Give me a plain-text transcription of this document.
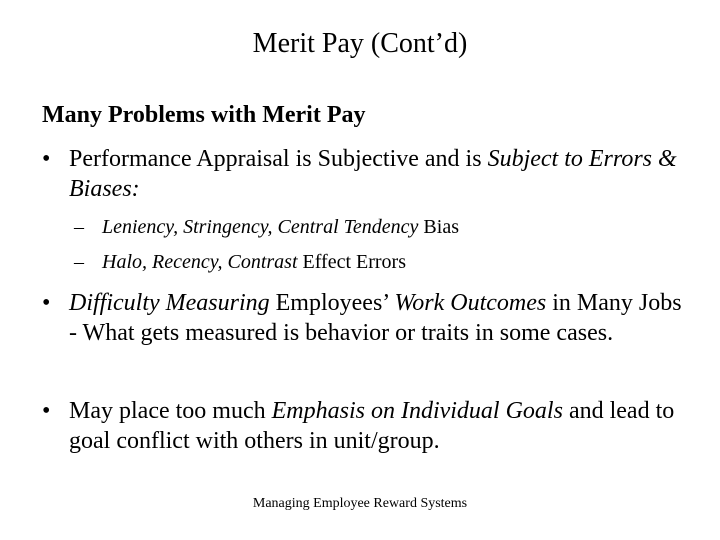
Merit Pay (Cont’d)
Many Problems with Merit Pay
• Performance Appraisal is Subjective and is Subject to Errors & Biases:
– Leniency, Stringency, Central Tendency Bias
– Halo, Recency, Contrast Effect Errors
• Difficulty Measuring Employees’ Work Outcomes in Many Jobs - What gets measured is behavior or traits in some cases.
• May place too much Emphasis on Individual Goals and lead to goal conflict with others in unit/group.
Managing Employee Reward Systems
